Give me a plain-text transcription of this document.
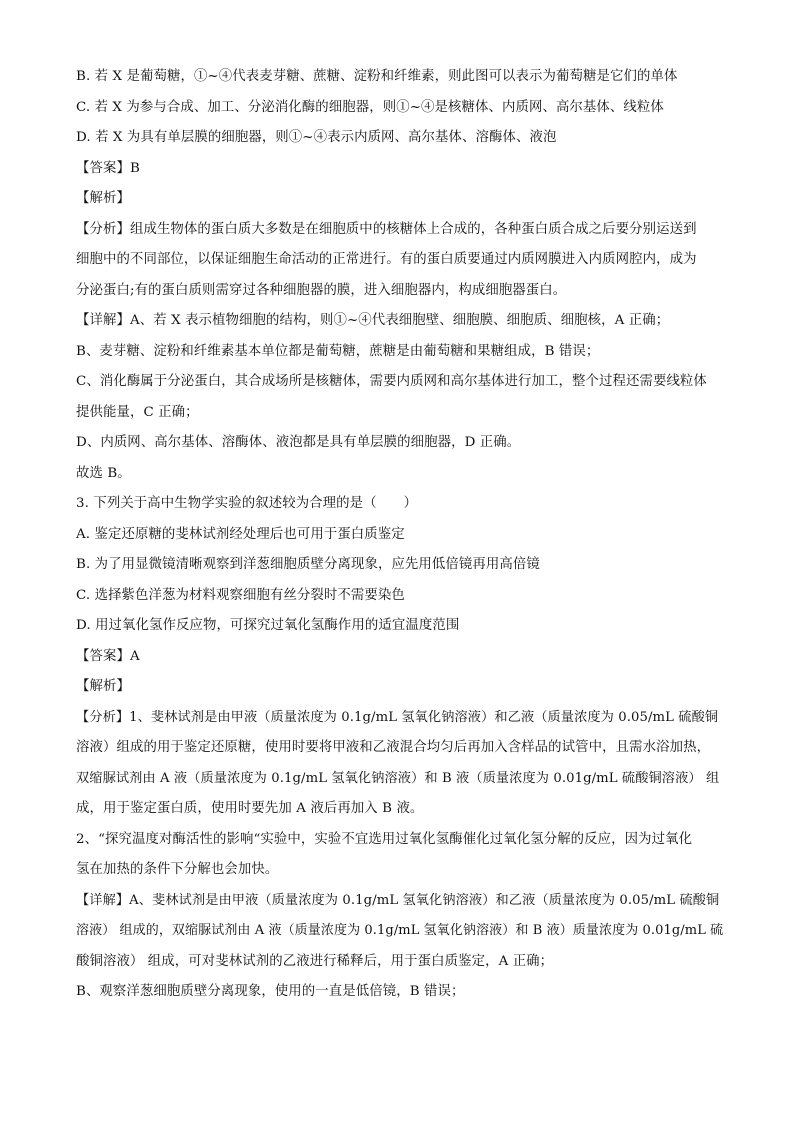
B. 若 X 是葡萄糖，①~④代表麦芽糖、蔗糖、淀粉和纤维素，则此图可以表示为葡萄糖是它们的单体
C. 若 X 为参与合成、加工、分泌消化酶的细胞器，则①~④是核糖体、内质网、高尔基体、线粒体
D. 若 X 为具有单层膜的细胞器，则①~④表示内质网、高尔基体、溶酶体、液泡
【答案】B
【解析】
【分析】组成生物体的蛋白质大多数是在细胞质中的核糖体上合成的，各种蛋白质合成之后要分别运送到
细胞中的不同部位，以保证细胞生命活动的正常进行。有的蛋白质要通过内质网膜进入内质网腔内，成为
分泌蛋白;有的蛋白质则需穿过各种细胞器的膜，进入细胞器内，构成细胞器蛋白。
【详解】A、若 X 表示植物细胞的结构，则①~④代表细胞壁、细胞膜、细胞质、细胞核，A 正确；
B、麦芽糖、淀粉和纤维素基本单位都是葡萄糖，蔗糖是由葡萄糖和果糖组成，B 错误；
C、消化酶属于分泌蛋白，其合成场所是核糖体，需要内质网和高尔基体进行加工，整个过程还需要线粒体
提供能量，C 正确；
D、内质网、高尔基体、溶酶体、液泡都是具有单层膜的细胞器，D 正确。
故选 B。
3. 下列关于高中生物学实验的叙述较为合理的是（　　）
A. 鉴定还原糖的斐林试剂经处理后也可用于蛋白质鉴定
B. 为了用显微镜清晰观察到洋葱细胞质壁分离现象，应先用低倍镜再用高倍镜
C. 选择紫色洋葱为材料观察细胞有丝分裂时不需要染色
D. 用过氧化氢作反应物，可探究过氧化氢酶作用的适宜温度范围
【答案】A
【解析】
【分析】1、斐林试剂是由甲液（质量浓度为 0.1g/mL 氢氧化钠溶液）和乙液（质量浓度为 0.05/mL 硫酸铜
溶液）组成的用于鉴定还原糖，使用时要将甲液和乙液混合均匀后再加入含样品的试管中，且需水浴加热，
双缩脲试剂由 A 液（质量浓度为 0.1g/mL 氢氧化钠溶液）和 B 液（质量浓度为 0.01g/mL 硫酸铜溶液） 组
成，用于鉴定蛋白质，使用时要先加 A 液后再加入 B 液。
2、“探究温度对酶活性的影响“实验中，实验不宜选用过氧化氢酶催化过氧化氢分解的反应，因为过氧化
氢在加热的条件下分解也会加快。
【详解】A、斐林试剂是由甲液（质量浓度为 0.1g/mL 氢氧化钠溶液）和乙液（质量浓度为 0.05/mL 硫酸铜
溶液） 组成的，双缩脲试剂由 A 液（质量浓度为 0.1g/mL 氢氧化钠溶液）和 B 液）质量浓度为 0.01g/mL 硫
酸铜溶液） 组成，可对斐林试剂的乙液进行稀释后，用于蛋白质鉴定，A 正确；
B、观察洋葱细胞质壁分离现象，使用的一直是低倍镜，B 错误；
